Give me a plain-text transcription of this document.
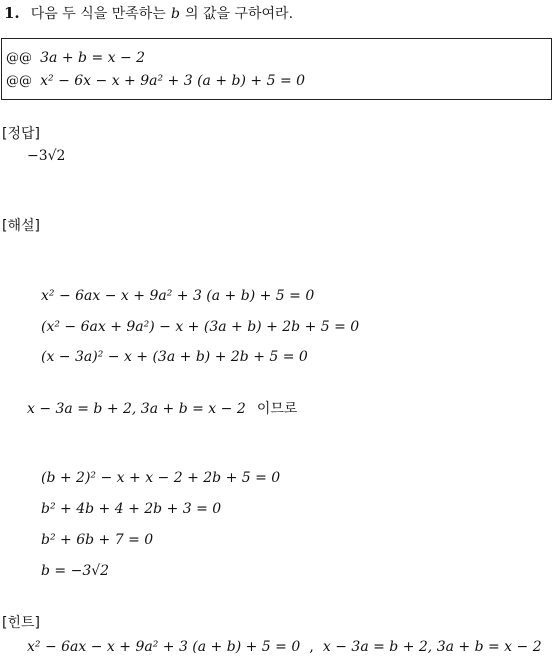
1. 다음 두 식을 만족하는 b 의 값을 구하여라.
@@ 3a + b = x − 2
@@ x² − 6x − x + 9a² + 3 (a + b) + 5 = 0
[정답]
−3√2
[해설]
x² − 6ax − x + 9a² + 3 (a + b) + 5 = 0
(x² − 6ax + 9a²) − x + (3a + b) + 2b + 5 = 0
(x − 3a)² − x + (3a + b) + 2b + 5 = 0
x − 3a = b + 2, 3a + b = x − 2 이므로
(b + 2)² − x + x − 2 + 2b + 5 = 0
b² + 4b + 4 + 2b + 3 = 0
b² + 6b + 7 = 0
b = −3√2
[힌트]
x² − 6ax − x + 9a² + 3 (a + b) + 5 = 0 , x − 3a = b + 2, 3a + b = x − 2
